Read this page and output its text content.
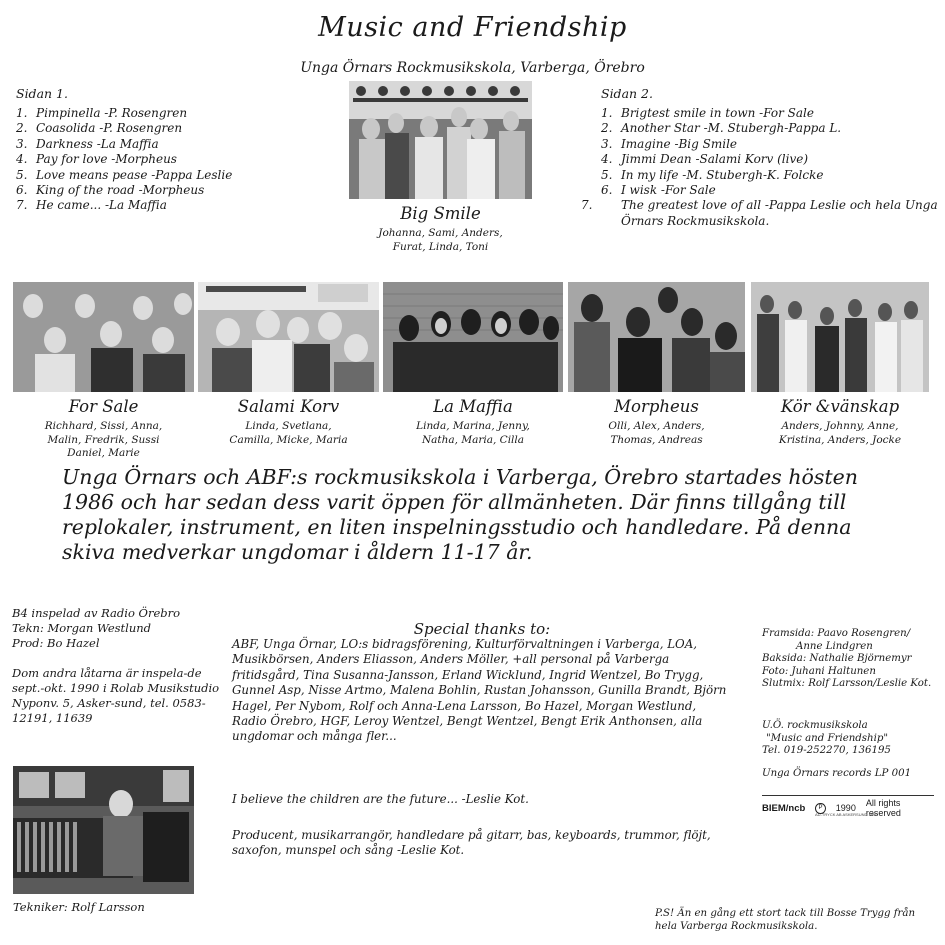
Music and Friendship
Unga Örnars Rockmusikskola, Varberga, Örebro
Sidan 1.
1. Pimpinella -P. Rosengren
2. Coasolida -P. Rosengren
3. Darkness -La Maffia
4. Pay for love -Morpheus
5. Love means pease -Pappa Leslie
6. King of the road -Morpheus
7. He came... -La Maffia	Big Smile
Johanna, Sami, Anders,
Furat, Linda, Toni
Sidan 2.
1. Brigtest smile in town -For Sale
2. Another Star -M. Stubergh-Pappa L.
3. Imagine -Big Smile
4. Jimmi Dean -Salami Korv (live)
5. In my life -M. Stubergh-K. Folcke
6. I wisk -For Sale
7. The greatest love of all -Pappa Leslie och hela Unga Örnars Rockmusikskola.
For Sale
Richhard, Sissi, Anna,
Malin, Fredrik, Sussi
Daniel, Marie
Salami Korv
Linda, Svetlana,
Camilla, Micke, Maria
La Maffia
Linda, Marina, Jenny,
Natha, Maria, Cilla
Morpheus
Olli, Alex, Anders,
Thomas, Andreas
Kör &vänskap
Anders, Johnny, Anne,
Kristina, Anders, Jocke
Unga Örnars och ABF:s rockmusikskola i Varberga, Örebro startades hösten 1986 och har sedan dess varit öppen för allmänheten. Där finns tillgång till replokaler, instrument, en liten inspelningsstudio och handledare. På denna skiva medverkar ungdomar i åldern 11-17 år.
B4 inspelad av Radio Örebro
Tekn: Morgan Westlund
Prod: Bo Hazel
Dom andra låtarna är inspela-de sept.-okt. 1990 i Rolab Musikstudio Nyponv. 5, Asker-sund, tel. 0583-12191, 11639
Tekniker: Rolf Larsson
Special thanks to:
ABF, Unga Örnar, LO:s bidragsförening, Kulturförvaltningen i Varberga, LOA, Musikbörsen, Anders Eliasson, Anders Möller, +all personal på Varberga fritidsgård, Tina Susanna-Jansson, Erland Wicklund, Ingrid Wentzel, Bo Trygg, Gunnel Asp, Nisse Artmo, Malena Bohlin, Rustan Johansson, Gunilla Brandt, Björn Hagel, Per Nybom, Rolf och Anna-Lena Larsson, Bo Hazel, Morgan Westlund, Radio Örebro, HGF, Leroy Wentzel, Bengt Wentzel, Bengt Erik Anthonsen, alla ungdomar och många fler...
I believe the children are the future... -Leslie Kot.
Producent, musikarrangör, handledare på gitarr, bas, keyboards, trummor, flöjt, saxofon, munspel och sång -Leslie Kot.
Framsida: Paavo Rosengren/
Anne Lindgren
Baksida: Nathalie Björnemyr
Foto: Juhani Haltunen
Slutmix: Rolf Larsson/Leslie Kot.
U.Ö. rockmusikskola
"Music and Friendship"
Tel. 019-252270, 136195
Unga Örnars records LP 001
BIEM/ncb	P	1990 All rights reserved
AD-TRYCK AB ASKERSUND 1990
P.S! Än en gång ett stort tack till Bosse Trygg från hela Varberga Rockmusikskola.
